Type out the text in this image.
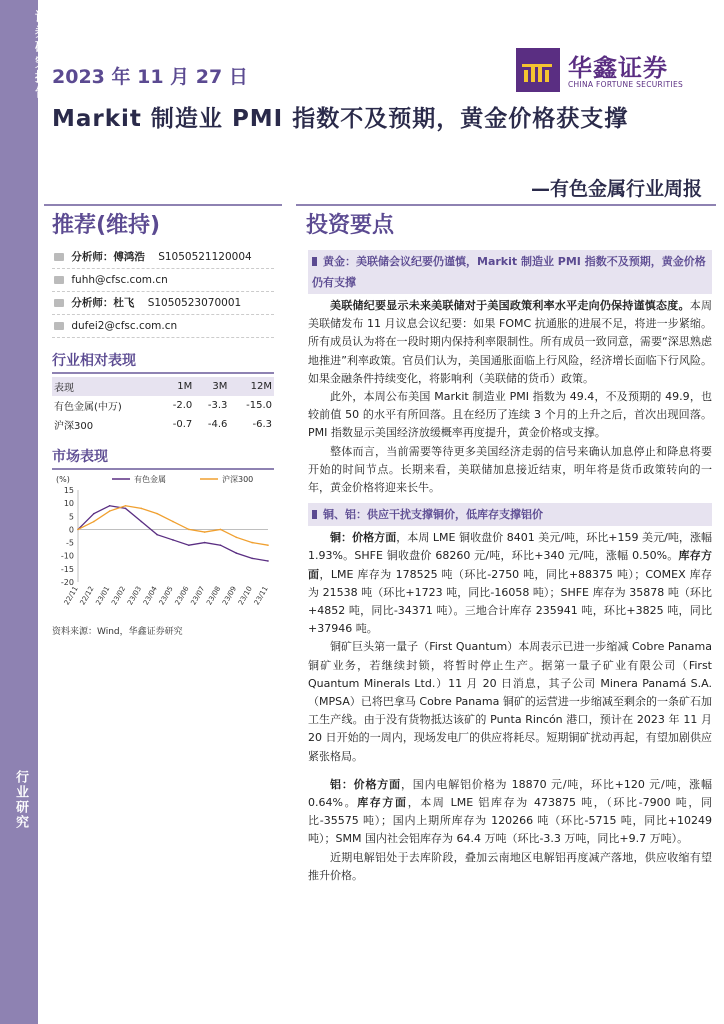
证券研究报告
行业研究
2023 年 11 月 27 日	华鑫证券
CHINA FORTUNE SECURITIES
Markit 制造业 PMI 指数不及预期，黄金价格获支撑
—有色金属行业周报
推荐(维持)	投资要点
分析师：傅鸿浩 S1050521120004
fuhh@cfsc.com.cn
分析师：杜飞 S1050523070001
dufei2@cfsc.com.cn
行业相对表现
表现	1M	3M	12M
有色金属(中万)	-2.0	-3.3	-15.0
沪深300	-0.7	-4.6	-6.3
市场表现
(%)
15
10
5
0
-5
-10
-15
-20
22/11
22/12
23/01
23/02
23/03
23/04
23/05
23/06
23/07
23/08
23/09
23/10
23/11
有色金属	沪深300
资料来源：Wind，华鑫证券研究
黄金：美联储会议纪要仍谨慎，Markit 制造业 PMI 指数不及预期，黄金价格仍有支撑

美联储纪要显示未来美联储对于美国政策利率水平走向仍保持谨慎态度。本周美联储发布 11 月议息会议纪要：如果 FOMC 抗通胀的进展不足，将进一步紧缩。所有成员认为将在一段时期内保持利率限制性。所有成员一致同意，需要“深思熟虑地推进”利率政策。官员们认为，美国通胀面临上行风险，经济增长面临下行风险。如果金融条件持续变化，将影响利（美联储的货币）政策。

此外，本周公布美国 Markit 制造业 PMI 指数为 49.4，不及预期的 49.9，也较前值 50 的水平有所回落。且在经历了连续 3 个月的上升之后，首次出现回落。PMI 指数显示美国经济放缓概率再度提升，黄金价格或支撑。

整体而言，当前需要等待更多美国经济走弱的信号来确认加息停止和降息将要开始的时间节点。长期来看，美联储加息接近结束，明年将是货币政策转向的一年，黄金价格将迎来长牛。

铜、铝：供应干扰支撑铜价，低库存支撑铝价

铜：价格方面，本周 LME 铜收盘价 8401 美元/吨，环比+159 美元/吨，涨幅 1.93%。SHFE 铜收盘价 68260 元/吨，环比+340 元/吨，涨幅 0.50%。库存方面，LME 库存为 178525 吨（环比-2750 吨，同比+88375 吨）；COMEX 库存为 21538 吨（环比+1723 吨，同比-16058 吨）；SHFE 库存为 35878 吨（环比+4852 吨，同比-34371 吨）。三地合计库存 235941 吨，环比+3825 吨，同比+37946 吨。

铜矿巨头第一量子（First Quantum）本周表示已进一步缩减 Cobre Panama 铜矿业务，若继续封锁，将暂时停止生产。据第一量子矿业有限公司（First Quantum Minerals Ltd.）11 月 20 日消息，其子公司 Minera Panamá S.A.（MPSA）已将巴拿马 Cobre Panama 铜矿的运营进一步缩减至剩余的一条矿石加工生产线。由于没有货物抵达该矿的 Punta Rincón 港口，预计在 2023 年 11 月 20 日开始的一周内，现场发电厂的供应将耗尽。短期铜矿扰动再起，有望加剧供应紧张格局。

铝：价格方面，国内电解铝价格为 18870 元/吨，环比+120 元/吨，涨幅 0.64%。库存方面，本周 LME 铝库存为 473875 吨，（环比-7900 吨，同比-35575 吨）；国内上期所库存为 120266 吨（环比-5715 吨，同比+10249 吨）；SMM 国内社会铝库存为 64.4 万吨（环比-3.3 万吨，同比+9.7 万吨）。

近期电解铝处于去库阶段，叠加云南地区电解铝再度减产落地，供应收缩有望推升价格。
